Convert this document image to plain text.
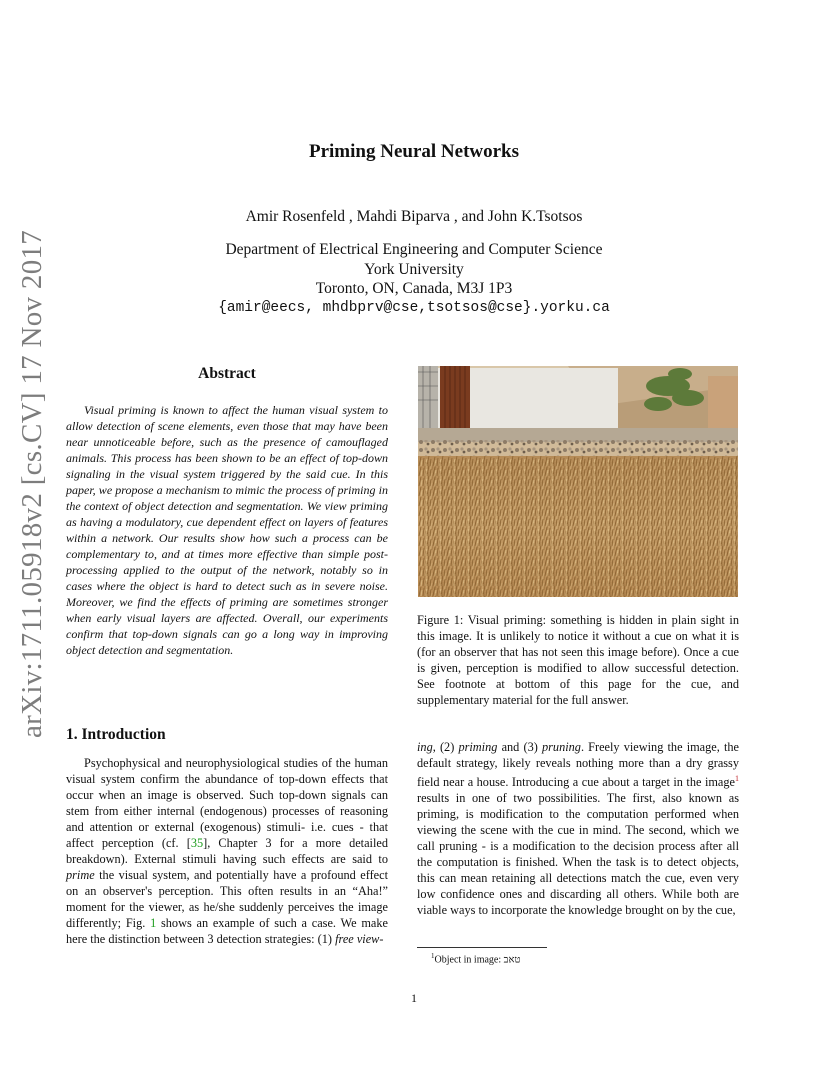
arXiv:1711.05918v2 [cs.CV] 17 Nov 2017
Priming Neural Networks
Amir Rosenfeld , Mahdi Biparva , and John K.Tsotsos
Department of Electrical Engineering and Computer Science
York University
Toronto, ON, Canada, M3J 1P3
{amir@eecs, mhdbprv@cse,tsotsos@cse}.yorku.ca
Abstract
Visual priming is known to affect the human visual system to allow detection of scene elements, even those that may have been near unnoticeable before, such as the presence of camouflaged animals. This process has been shown to be an effect of top-down signaling in the visual system triggered by the said cue. In this paper, we propose a mechanism to mimic the process of priming in the context of object detection and segmentation. We view priming as having a modulatory, cue dependent effect on layers of features within a network. Our results show how such a process can be complementary to, and at times more effective than simple post-processing applied to the output of the network, notably so in cases where the object is hard to detect such as in severe noise. Moreover, we find the effects of priming are sometimes stronger when early visual layers are affected. Overall, our experiments confirm that top-down signals can go a long way in improving object detection and segmentation.
1. Introduction
Psychophysical and neurophysiological studies of the human visual system confirm the abundance of top-down effects that occur when an image is observed. Such top-down signals can stem from either internal (endogenous) processes of reasoning and attention or external (exogenous) stimuli- i.e. cues - that affect perception (cf. [35], Chapter 3 for a more detailed breakdown). External stimuli having such effects are said to prime the visual system, and potentially have a profound effect on an observer's perception. This often results in an “Aha!” moment for the viewer, as he/she suddenly perceives the image differently; Fig. 1 shows an example of such a case. We make here the distinction between 3 detection strategies: (1) free view-
Figure 1: Visual priming: something is hidden in plain sight in this image. It is unlikely to notice it without a cue on what it is (for an observer that has not seen this image before). Once a cue is given, perception is modified to allow successful detection. See footnote at bottom of this page for the cue, and supplementary material for the full answer.
ing, (2) priming and (3) pruning. Freely viewing the image, the default strategy, likely reveals nothing more than a dry grassy field near a house. Introducing a cue about a target in the image$^1$ results in one of two possibilities. The first, also known as priming, is modification to the computation performed when viewing the scene with the cue in mind. The second, which we call pruning - is a modification to the decision process after all the computation is finished. When the task is to detect objects, this can mean retaining all detections match the cue, even very low confidence ones and discarding all others. While both are viable ways to incorporate the knowledge brought on by the cue,
$^1$Object in image: טאב
1
